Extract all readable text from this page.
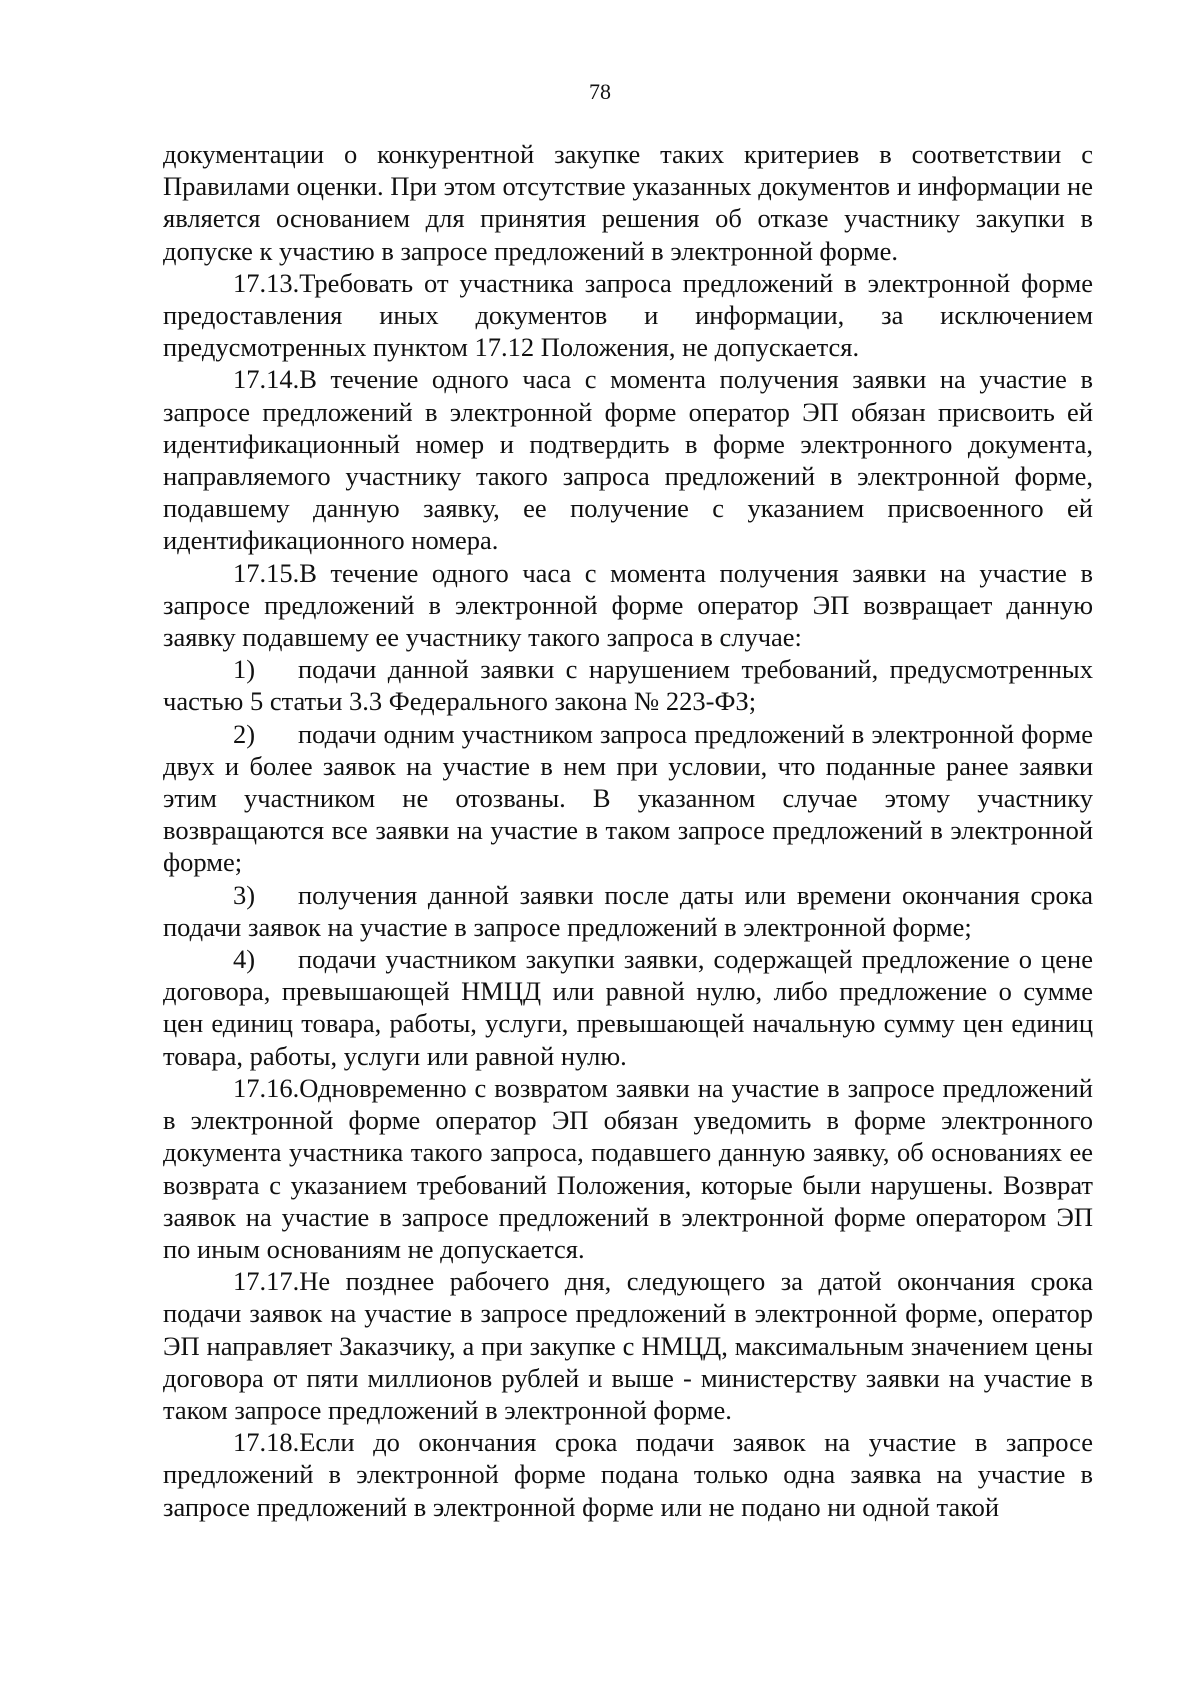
78

документации о конкурентной закупке таких критериев в соответствии с Правилами оценки. При этом отсутствие указанных документов и информации не является основанием для принятия решения об отказе участнику закупки в допуске к участию в запросе предложений в электронной форме.

17.13.Требовать от участника запроса предложений в электронной форме предоставления иных документов и информации, за исключением предусмотренных пунктом 17.12 Положения, не допускается.

17.14.В течение одного часа с момента получения заявки на участие в запросе предложений в электронной форме оператор ЭП обязан присвоить ей идентификационный номер и подтвердить в форме электронного документа, направляемого участнику такого запроса предложений в электронной форме, подавшему данную заявку, ее получение с указанием присвоенного ей идентификационного номера.

17.15.В течение одного часа с момента получения заявки на участие в запросе предложений в электронной форме оператор ЭП возвращает данную заявку подавшему ее участнику такого запроса в случае:

1) подачи данной заявки с нарушением требований, предусмотренных частью 5 статьи 3.3 Федерального закона № 223-ФЗ;

2) подачи одним участником запроса предложений в электронной форме двух и более заявок на участие в нем при условии, что поданные ранее заявки этим участником не отозваны. В указанном случае этому участнику возвращаются все заявки на участие в таком запросе предложений в электронной форме;

3) получения данной заявки после даты или времени окончания срока подачи заявок на участие в запросе предложений в электронной форме;

4) подачи участником закупки заявки, содержащей предложение о цене договора, превышающей НМЦД или равной нулю, либо предложение о сумме цен единиц товара, работы, услуги, превышающей начальную сумму цен единиц товара, работы, услуги или равной нулю.

17.16.Одновременно с возвратом заявки на участие в запросе предложений в электронной форме оператор ЭП обязан уведомить в форме электронного документа участника такого запроса, подавшего данную заявку, об основаниях ее возврата с указанием требований Положения, которые были нарушены. Возврат заявок на участие в запросе предложений в электронной форме оператором ЭП по иным основаниям не допускается.

17.17.Не позднее рабочего дня, следующего за датой окончания срока подачи заявок на участие в запросе предложений в электронной форме, оператор ЭП направляет Заказчику, а при закупке с НМЦД, максимальным значением цены договора от пяти миллионов рублей и выше - министерству заявки на участие в таком запросе предложений в электронной форме.

17.18.Если до окончания срока подачи заявок на участие в запросе предложений в электронной форме подана только одна заявка на участие в запросе предложений в электронной форме или не подано ни одной такой
